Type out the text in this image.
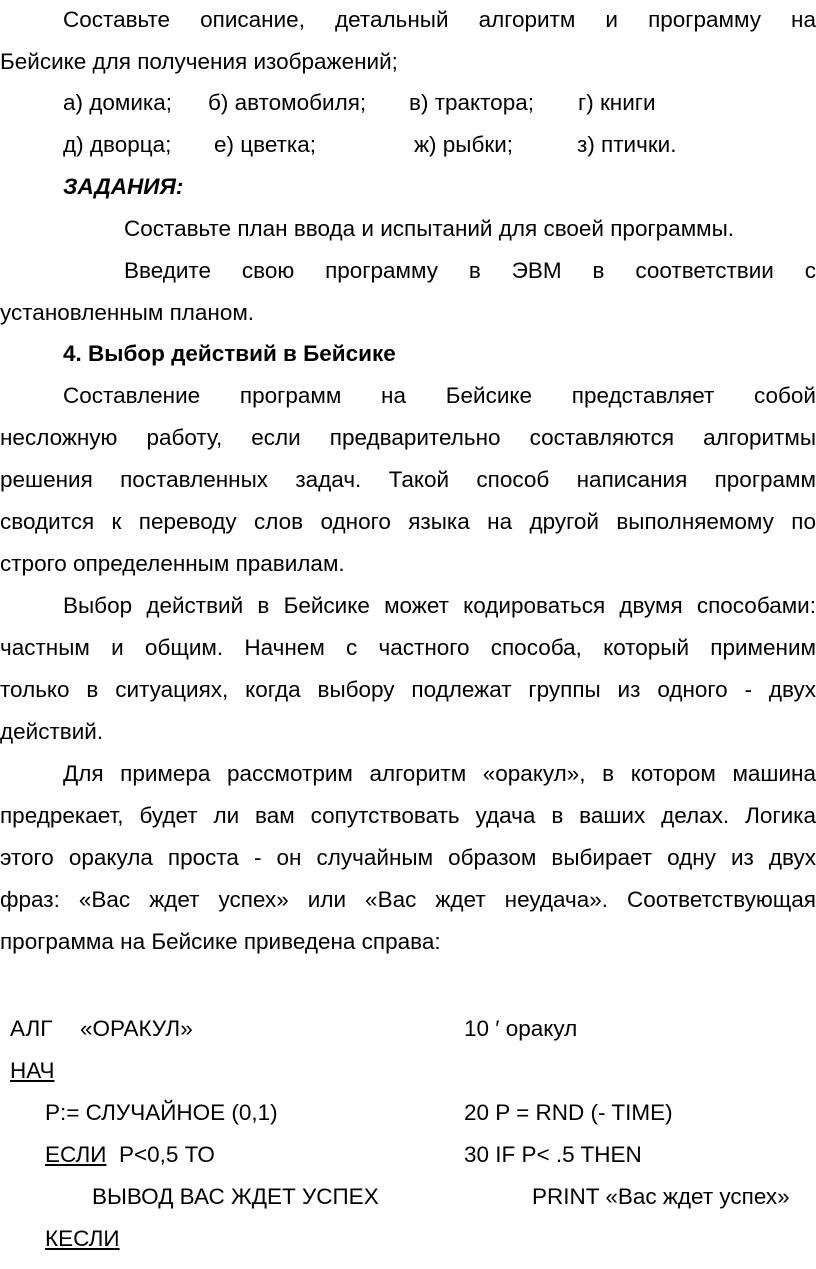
Составьте описание, детальный алгоритм и программу на
Бейсике для получения изображений;
а) домика; б) автомобиля; в) трактора; г) книги
д) дворца; е) цветка;	ж) рыбки;	з) птички.
ЗАДАНИЯ:
Составьте план ввода и испытаний для своей программы.
Введите свою программу в ЭВМ в соответствии с
установленным планом.
4. Выбор действий в Бейсике
Составление программ на Бейсике представляет собой
несложную работу, если предварительно составляются алгоритмы
решения поставленных задач. Такой способ написания программ
сводится к переводу слов одного языка на другой выполняемому по
строго определенным правилам.
Выбор действий в Бейсике может кодироваться двумя способами:
частным и общим. Начнем с частного способа, который применим
только в ситуациях, когда выбору подлежат группы из одного - двух
действий.
Для примера рассмотрим алгоритм «оракул», в котором машина
предрекает, будет ли вам сопутствовать удача в ваших делах. Логика
этого оракула проста - он случайным образом выбирает одну из двух
фраз: «Вас ждет успех» или «Вас ждет неудача». Соответствующая
программа на Бейсике приведена справа:
АЛГ «ОРАКУЛ»
НАЧ
P:= СЛУЧАЙНОЕ (0,1)
ЕСЛИ P<0,5 ТО
ВЫВОД ВАС ЖДЕТ УСПЕХ
КЕСЛИ
10 ′ оракул
20 P = RND (- TIME)
30 IF P< .5 THEN
PRINT «Вас ждет успех»
